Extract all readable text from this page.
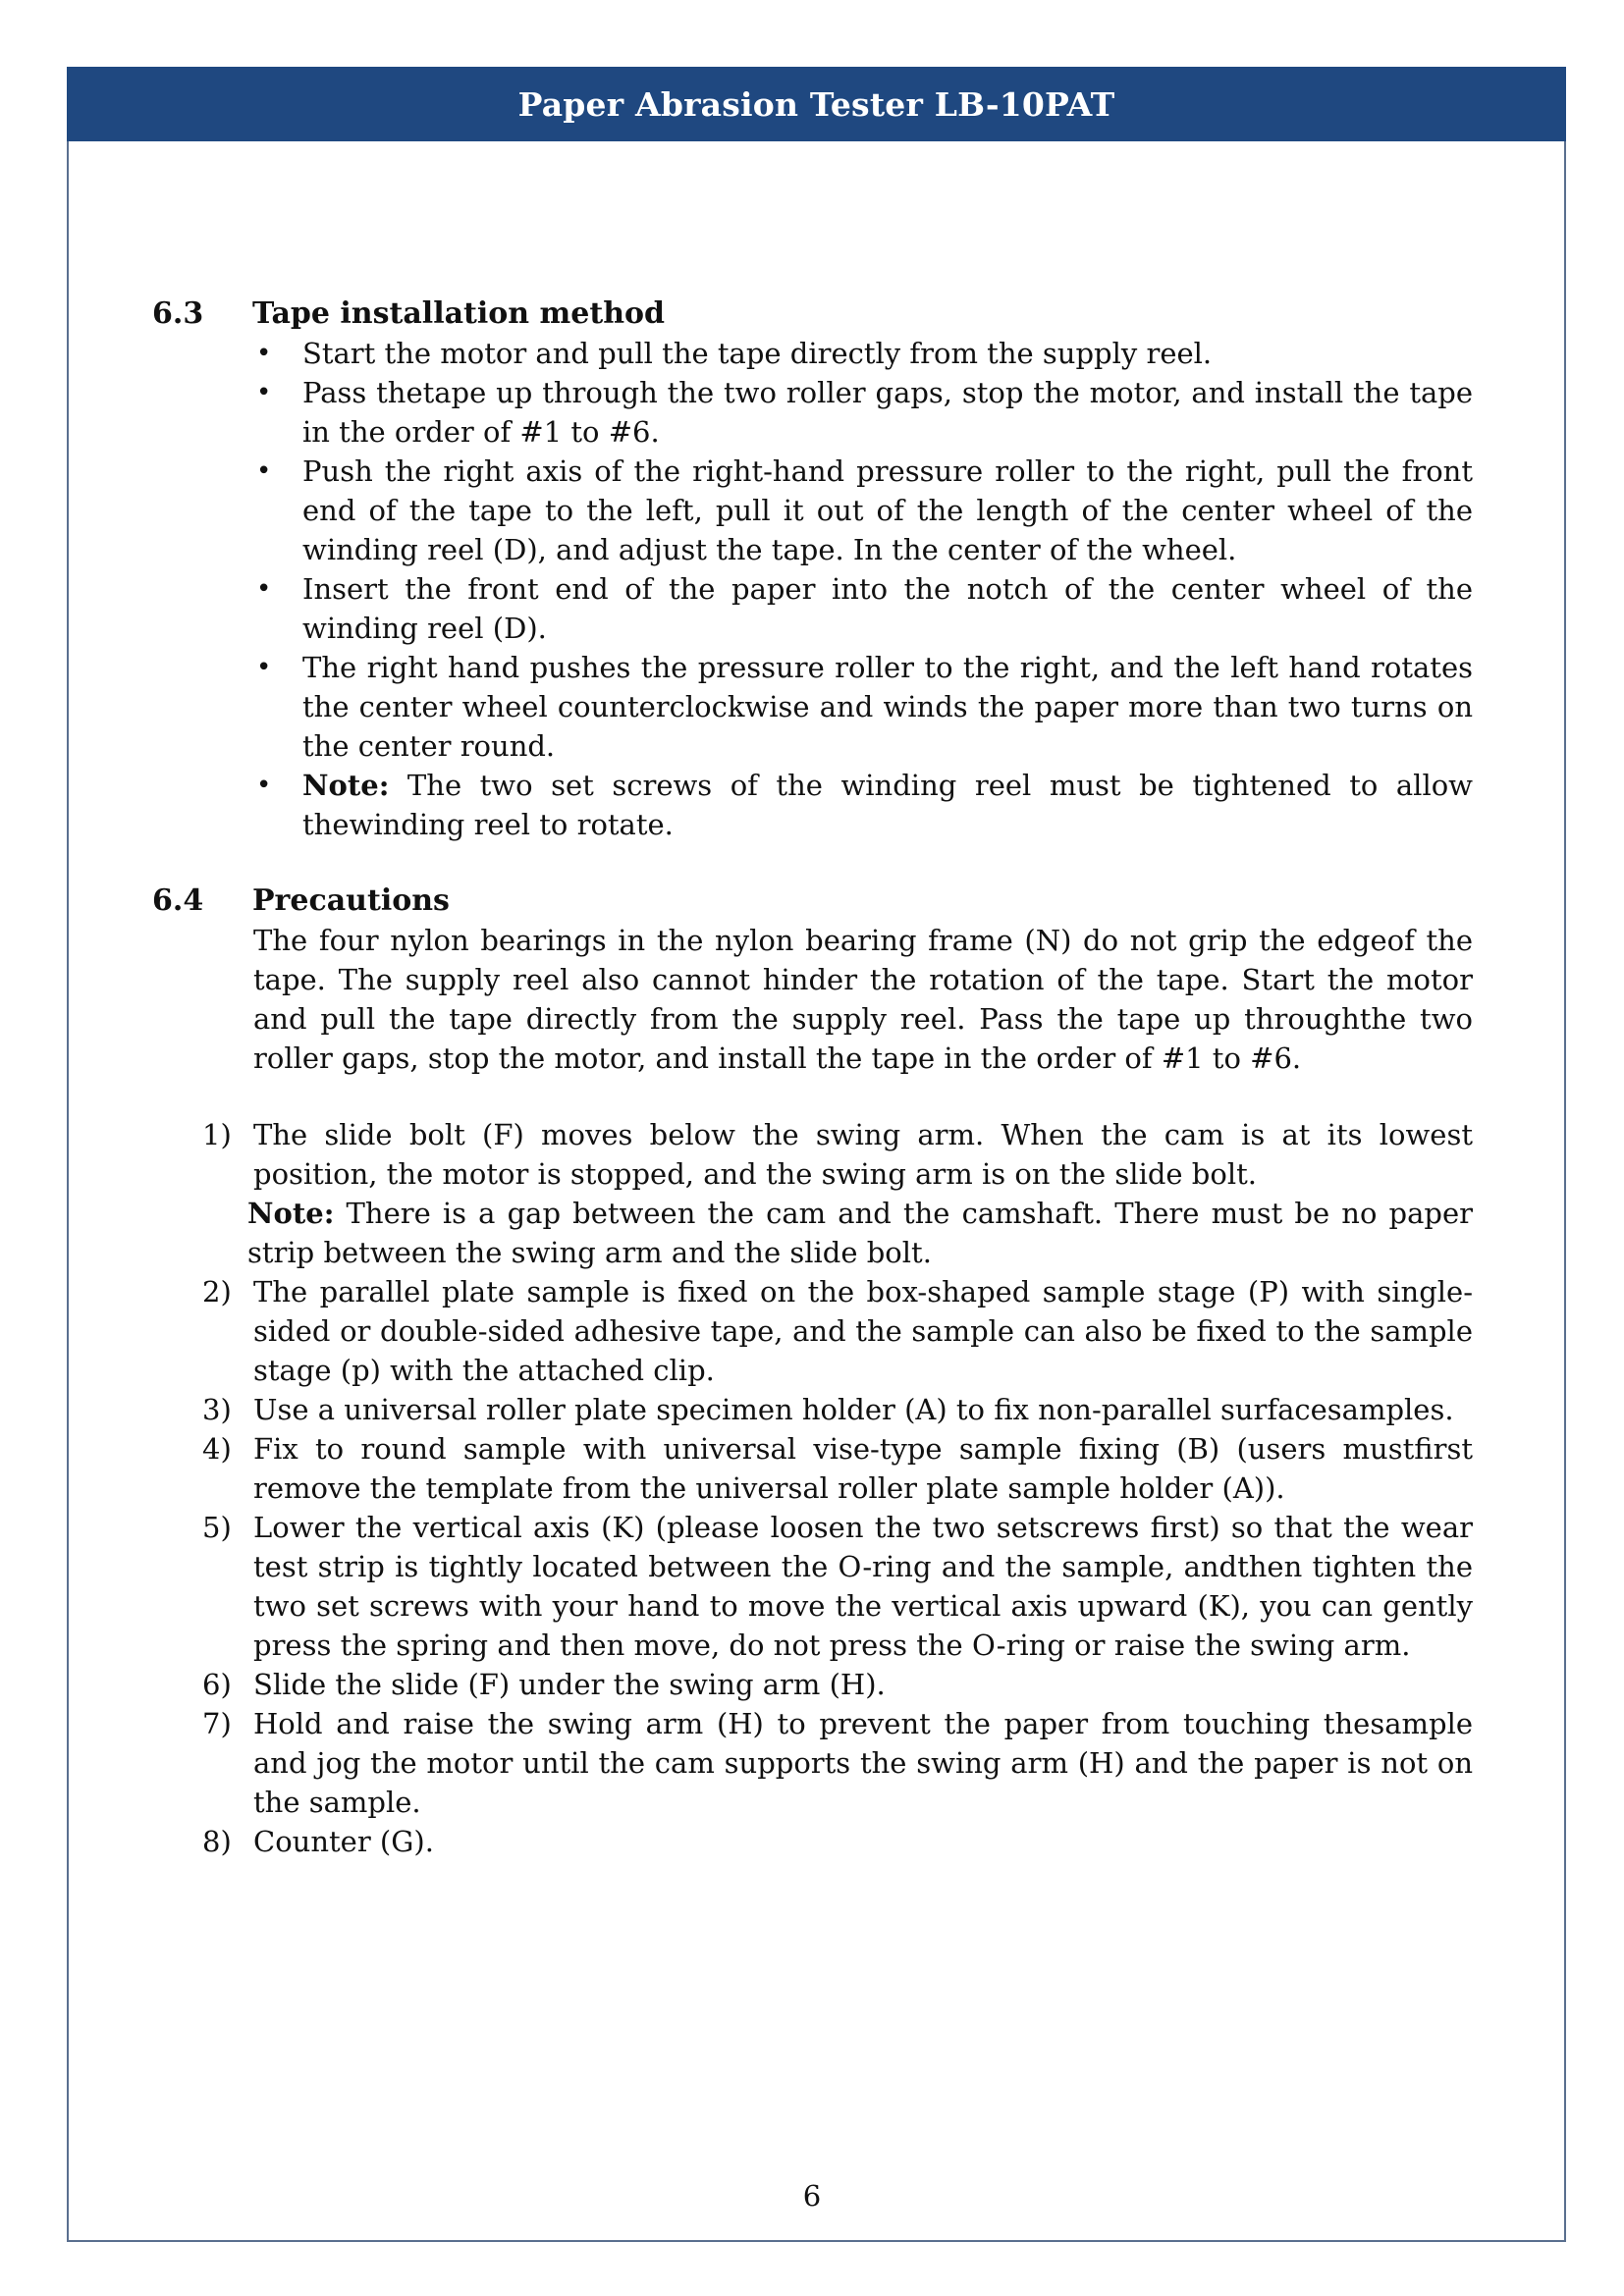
Paper Abrasion Tester LB-10PAT
6.3	Tape installation method
• Start the motor and pull the tape directly from the supply reel.
• Pass thetape up through the two roller gaps, stop the motor, and install the tape in the order of #1 to #6.
• Push the right axis of the right-hand pressure roller to the right, pull the front end of the tape to the left, pull it out of the length of the center wheel of the winding reel (D), and adjust the tape. In the center of the wheel.
• Insert the front end of the paper into the notch of the center wheel of the winding reel (D).
• The right hand pushes the pressure roller to the right, and the left hand rotates the center wheel counterclockwise and winds the paper more than two turns on the center round.
• Note: The two set screws of the winding reel must be tightened to allow thewinding reel to rotate.
6.4	Precautions

The four nylon bearings in the nylon bearing frame (N) do not grip the edgeof the tape. The supply reel also cannot hinder the rotation of the tape. Start the motor and pull the tape directly from the supply reel. Pass the tape up throughthe two roller gaps, stop the motor, and install the tape in the order of #1 to #6.

1) The slide bolt (F) moves below the swing arm. When the cam is at its lowest position, the motor is stopped, and the swing arm is on the slide bolt.
Note: There is a gap between the cam and the camshaft. There must be no paper strip between the swing arm and the slide bolt.
2) The parallel plate sample is fixed on the box-shaped sample stage (P) with single-sided or double-sided adhesive tape, and the sample can also be fixed to the sample stage (p) with the attached clip.
3) Use a universal roller plate specimen holder (A) to fix non-parallel surfacesamples.
4) Fix to round sample with universal vise-type sample fixing (B) (users mustfirst remove the template from the universal roller plate sample holder (A)).
5) Lower the vertical axis (K) (please loosen the two setscrews first) so that the wear test strip is tightly located between the O-ring and the sample, andthen tighten the two set screws with your hand to move the vertical axis upward (K), you can gently press the spring and then move, do not press the O-ring or raise the swing arm.
6) Slide the slide (F) under the swing arm (H).
7) Hold and raise the swing arm (H) to prevent the paper from touching thesample and jog the motor until the cam supports the swing arm (H) and the paper is not on the sample.
8) Counter (G).
6
